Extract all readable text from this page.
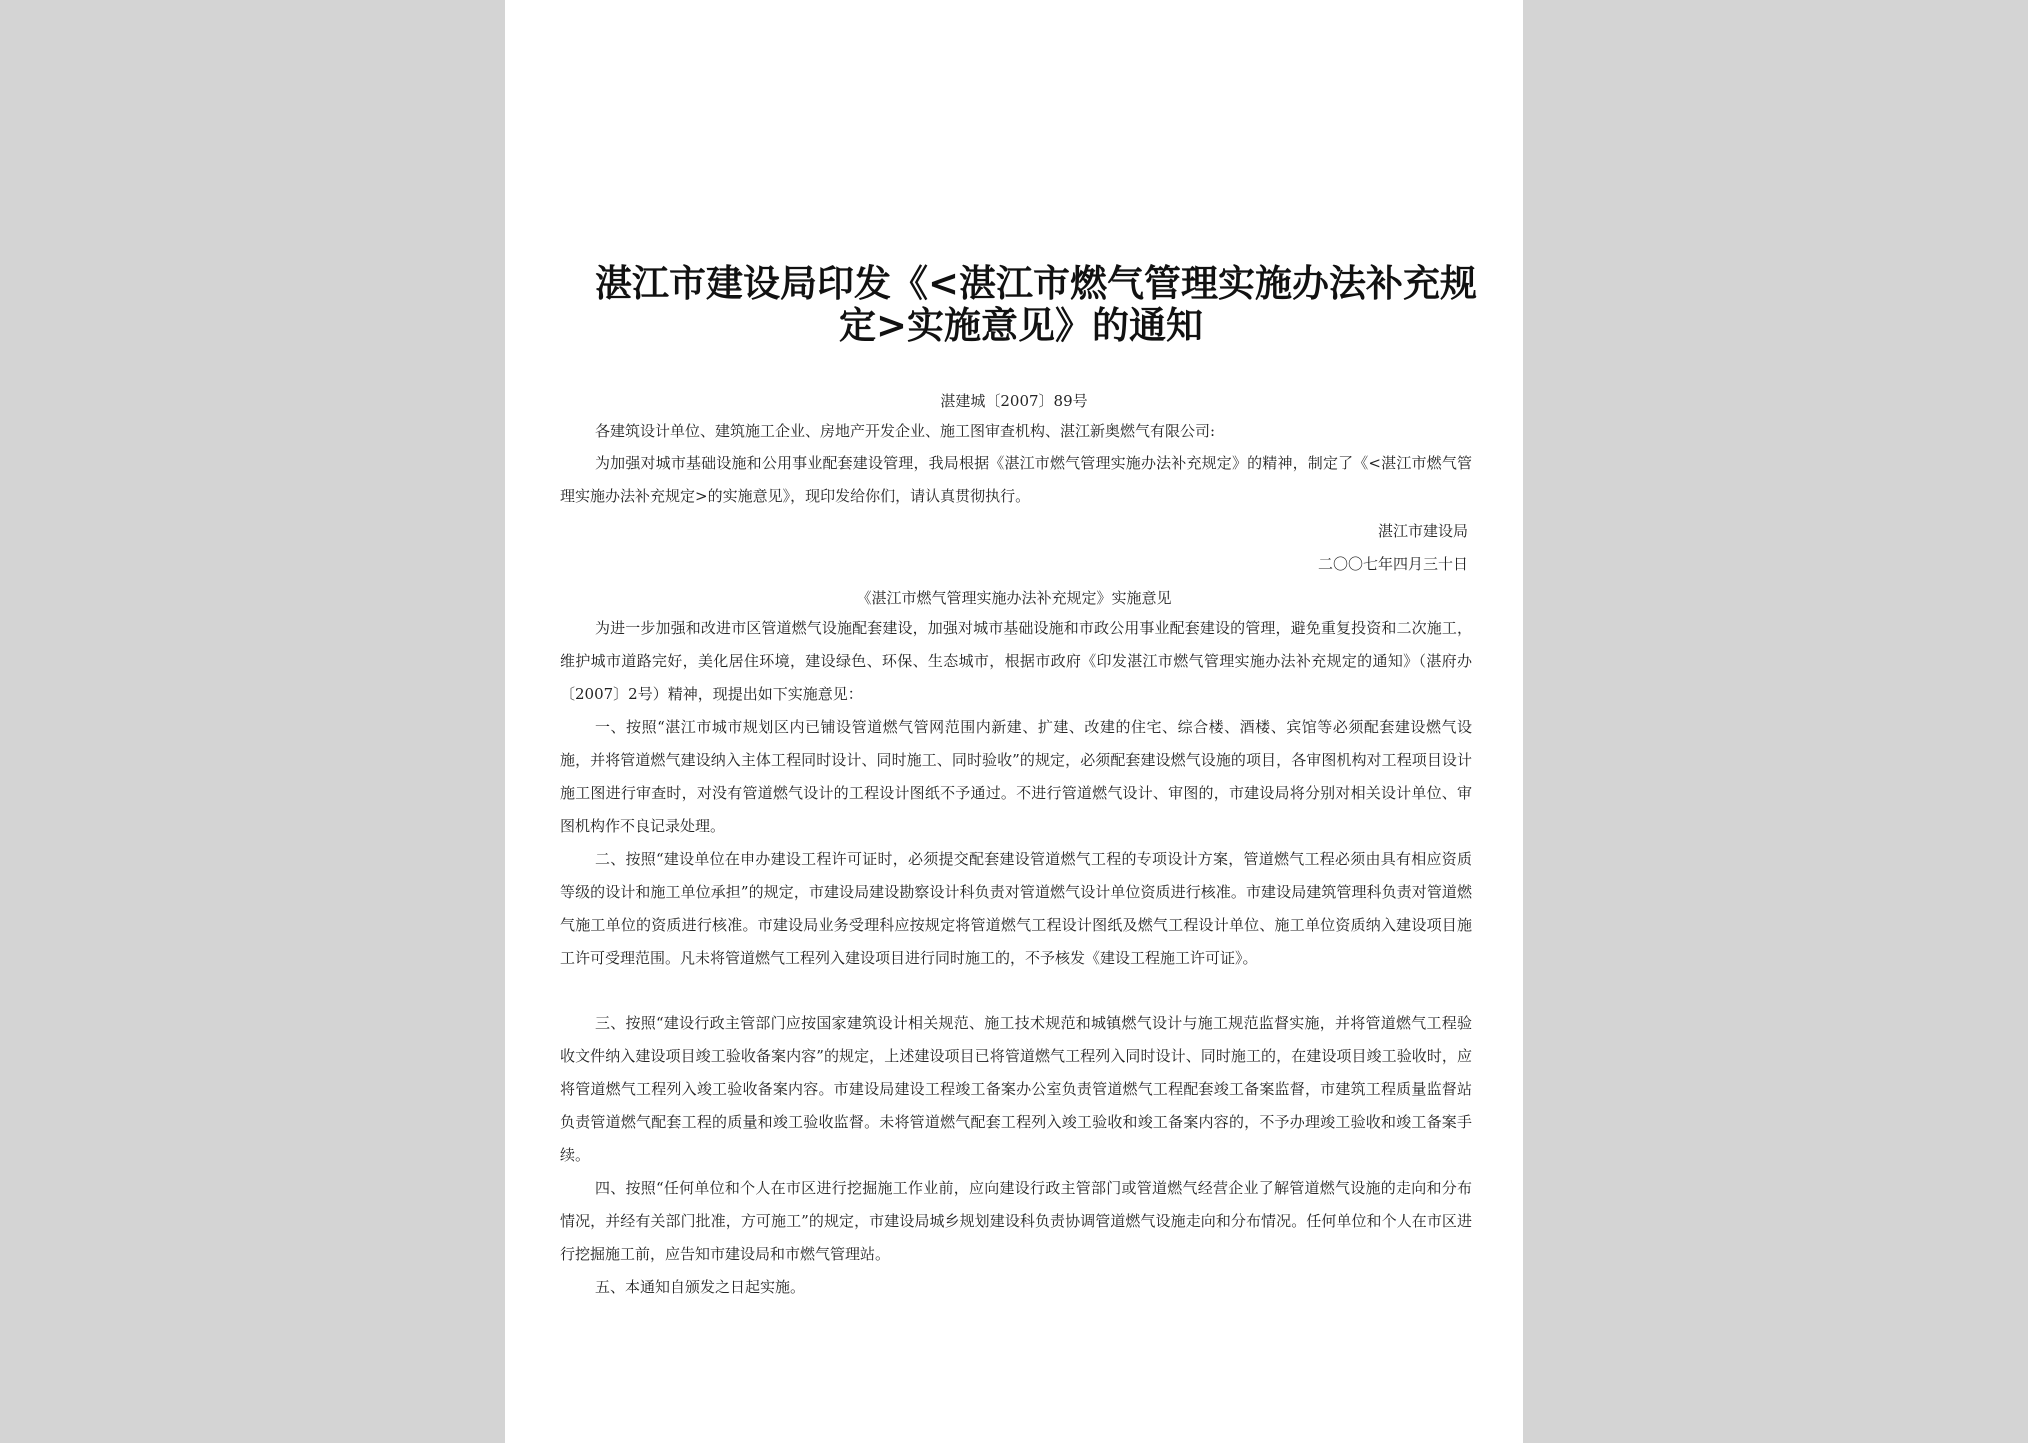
湛江市建设局印发《<湛江市燃气管理实施办法补充规
定>实施意见》的通知
湛建城〔2007〕89号
各建筑设计单位、建筑施工企业、房地产开发企业、施工图审查机构、湛江新奥燃气有限公司:
为加强对城市基础设施和公用事业配套建设管理，我局根据《湛江市燃气管理实施办法补充规定》的精神，制定了《<湛江市燃气管理实施办法补充规定>的实施意见》，现印发给你们，请认真贯彻执行。
湛江市建设局
二〇〇七年四月三十日
《湛江市燃气管理实施办法补充规定》实施意见
为进一步加强和改进市区管道燃气设施配套建设，加强对城市基础设施和市政公用事业配套建设的管理，避免重复投资和二次施工，维护城市道路完好，美化居住环境，建设绿色、环保、生态城市，根据市政府《印发湛江市燃气管理实施办法补充规定的通知》（湛府办〔2007〕2号）精神，现提出如下实施意见：
一、按照“湛江市城市规划区内已铺设管道燃气管网范围内新建、扩建、改建的住宅、综合楼、酒楼、宾馆等必须配套建设燃气设施，并将管道燃气建设纳入主体工程同时设计、同时施工、同时验收”的规定，必须配套建设燃气设施的项目，各审图机构对工程项目设计施工图进行审查时，对没有管道燃气设计的工程设计图纸不予通过。不进行管道燃气设计、审图的，市建设局将分别对相关设计单位、审图机构作不良记录处理。
二、按照“建设单位在申办建设工程许可证时，必须提交配套建设管道燃气工程的专项设计方案，管道燃气工程必须由具有相应资质等级的设计和施工单位承担”的规定，市建设局建设勘察设计科负责对管道燃气设计单位资质进行核准。市建设局建筑管理科负责对管道燃气施工单位的资质进行核准。市建设局业务受理科应按规定将管道燃气工程设计图纸及燃气工程设计单位、施工单位资质纳入建设项目施工许可受理范围。凡未将管道燃气工程列入建设项目进行同时施工的，不予核发《建设工程施工许可证》。
三、按照“建设行政主管部门应按国家建筑设计相关规范、施工技术规范和城镇燃气设计与施工规范监督实施，并将管道燃气工程验收文件纳入建设项目竣工验收备案内容”的规定，上述建设项目已将管道燃气工程列入同时设计、同时施工的，在建设项目竣工验收时，应将管道燃气工程列入竣工验收备案内容。市建设局建设工程竣工备案办公室负责管道燃气工程配套竣工备案监督，市建筑工程质量监督站负责管道燃气配套工程的质量和竣工验收监督。未将管道燃气配套工程列入竣工验收和竣工备案内容的，不予办理竣工验收和竣工备案手续。
四、按照“任何单位和个人在市区进行挖掘施工作业前，应向建设行政主管部门或管道燃气经营企业了解管道燃气设施的走向和分布情况，并经有关部门批准，方可施工”的规定，市建设局城乡规划建设科负责协调管道燃气设施走向和分布情况。任何单位和个人在市区进行挖掘施工前，应告知市建设局和市燃气管理站。
五、本通知自颁发之日起实施。
